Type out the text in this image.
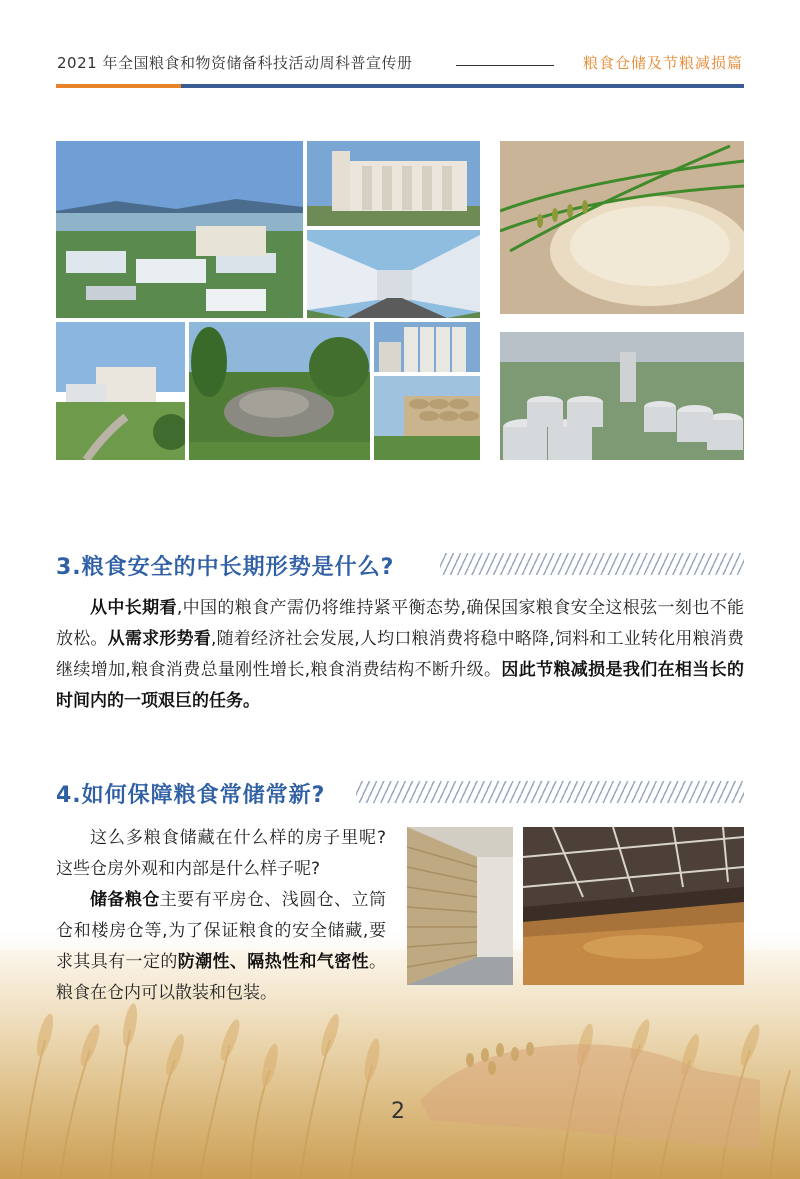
2021 年全国粮食和物资储备科技活动周科普宣传册	粮食仓储及节粮减损篇
3.粮食安全的中长期形势是什么?
从中长期看,中国的粮食产需仍将维持紧平衡态势,确保国家粮食安全这根弦一刻也不能放松。从需求形势看,随着经济社会发展,人均口粮消费将稳中略降,饲料和工业转化用粮消费继续增加,粮食消费总量刚性增长,粮食消费结构不断升级。因此节粮减损是我们在相当长的时间内的一项艰巨的任务。
4.如何保障粮食常储常新?
这么多粮食储藏在什么样的房子里呢?这些仓房外观和内部是什么样子呢?
储备粮仓主要有平房仓、浅圆仓、立筒仓和楼房仓等,为了保证粮食的安全储藏,要求其具有一定的防潮性、隔热性和气密性。粮食在仓内可以散装和包装。
2
